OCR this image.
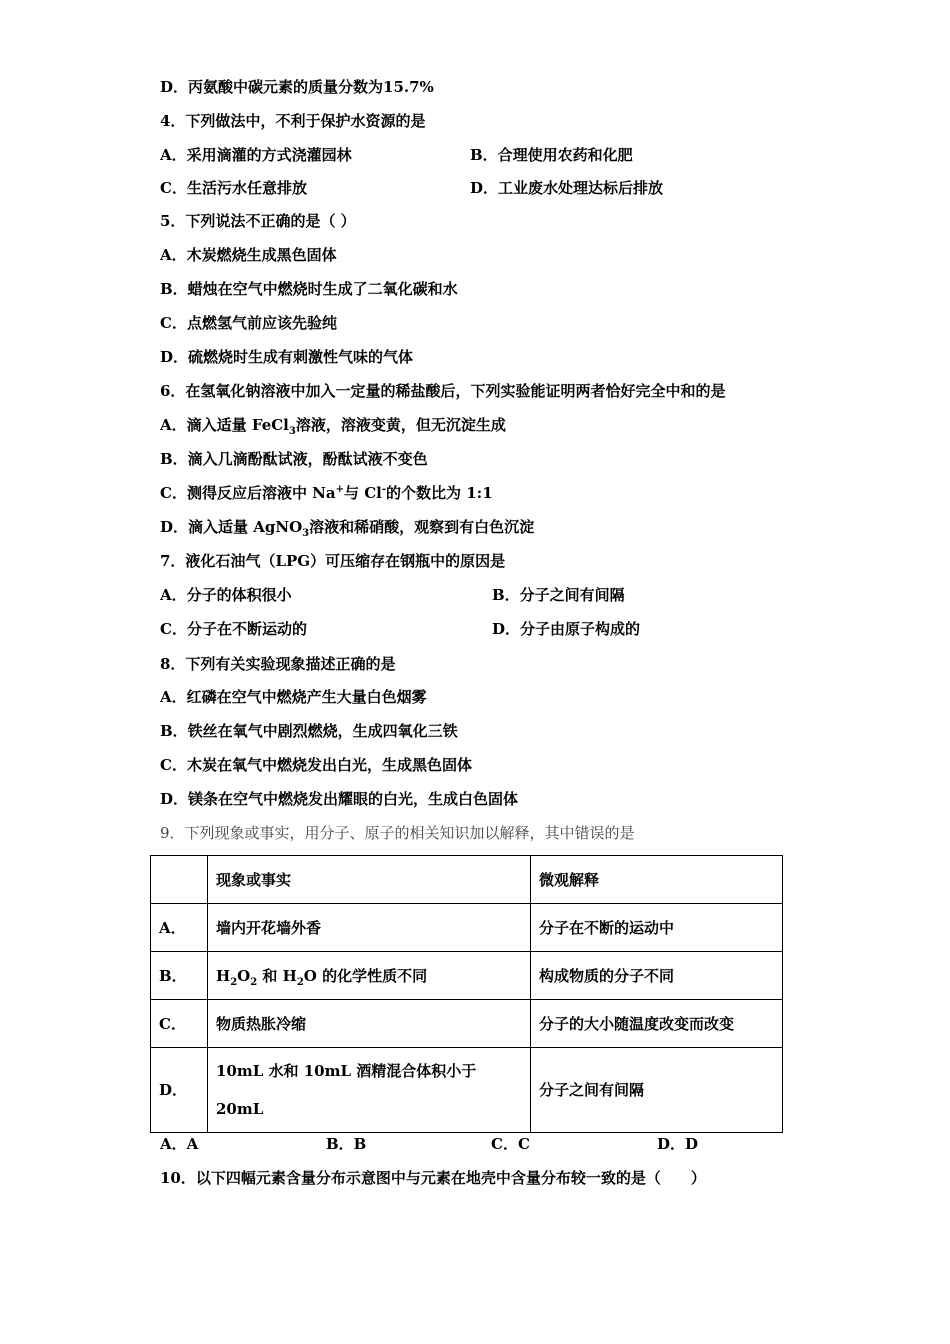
D．丙氨酸中碳元素的质量分数为15.7%
4．下列做法中，不利于保护水资源的是
A．采用滴灌的方式浇灌园林	B．合理使用农药和化肥
C．生活污水任意排放	D．工业废水处理达标后排放
5．下列说法不正确的是（ ）
A．木炭燃烧生成黑色固体
B．蜡烛在空气中燃烧时生成了二氧化碳和水
C．点燃氢气前应该先验纯
D．硫燃烧时生成有刺激性气味的气体
6．在氢氧化钠溶液中加入一定量的稀盐酸后，下列实验能证明两者恰好完全中和的是
A．滴入适量 FeCl$_3$溶液，溶液变黄，但无沉淀生成
B．滴入几滴酚酞试液，酚酞试液不变色
C．测得反应后溶液中 Na+与 Cl-的个数比为 1:1
D．滴入适量 AgNO$_3$溶液和稀硝酸，观察到有白色沉淀
7．液化石油气（LPG）可压缩存在钢瓶中的原因是
A．分子的体积很小	B．分子之间有间隔
C．分子在不断运动的	D．分子由原子构成的
8．下列有关实验现象描述正确的是
A．红磷在空气中燃烧产生大量白色烟雾
B．铁丝在氧气中剧烈燃烧，生成四氧化三铁
C．木炭在氧气中燃烧发出白光，生成黑色固体
D．镁条在空气中燃烧发出耀眼的白光，生成白色固体
9．下列现象或事实，用分子、原子的相关知识加以解释，其中错误的是
	现象或事实	微观解释
A．	墙内开花墙外香	分子在不断的运动中
B．	$H_2O_2$ 和 $H_2O$ 的化学性质不同	构成物质的分子不同
C．	物质热胀冷缩	分子的大小随温度改变而改变
D．	10mL 水和 10mL 酒精混合体积小于
20mL	分子之间有间隔
A．A	B．B	C．C	D．D
10．以下四幅元素含量分布示意图中与元素在地壳中含量分布较一致的是（　　）
